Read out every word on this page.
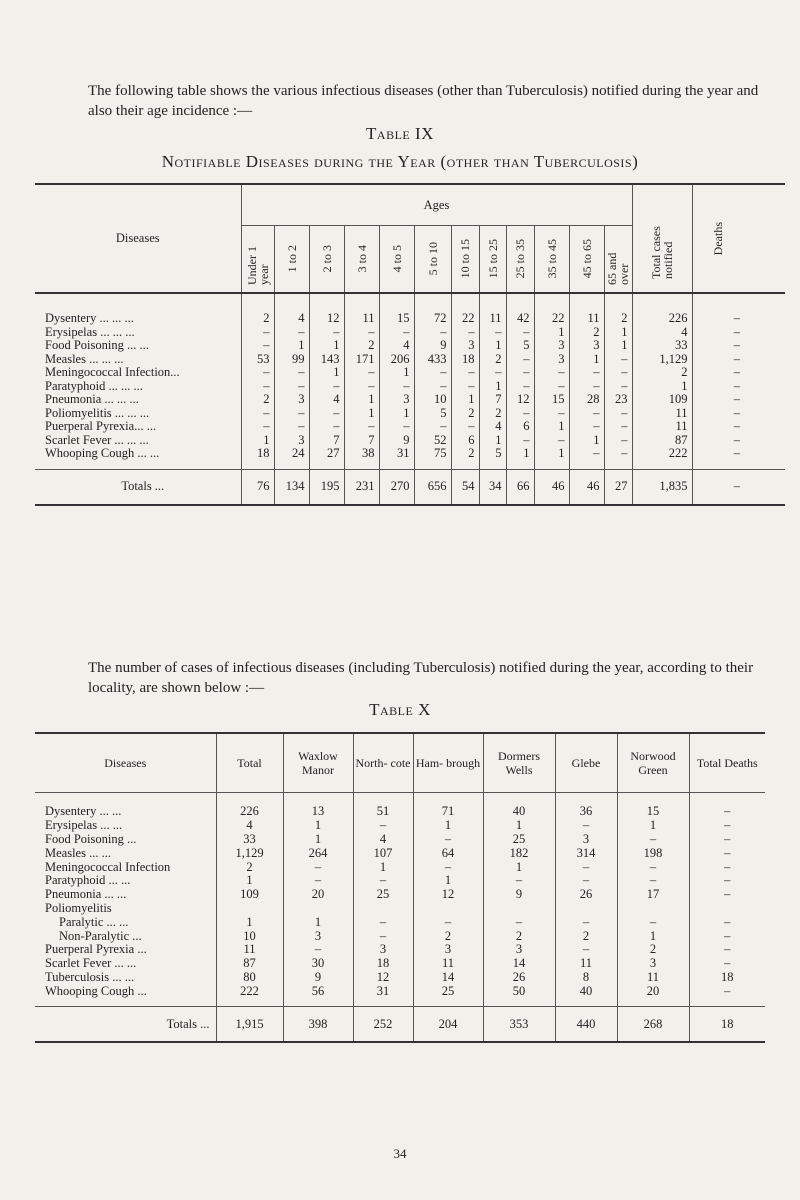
The following table shows the various infectious diseases (other than Tuberculosis) notified during the year and also their age incidence :—

Table IX
Notifiable Diseases during the Year (other than Tuberculosis)

Diseases	Ages												Total cases notified	Deaths	

	Under 1 year	1 to 2	2 to 3	3 to 4	4 to 5	5 to 10	10 to 15	15 to 25	25 to 35	35 to 45	45 to 65	65 and over			

Dysentery ... ... ...	2	4	12	11	15	72	22	11	42	22	11	2	226	–	
Erysipelas ... ... ...	–	–	–	–	–	–	–	–	–	1	2	1	4	–	
Food Poisoning ... ...	–	1	1	2	4	9	3	1	5	3	3	1	33	–	
Measles ... ... ...	53	99	143	171	206	433	18	2	–	3	1	–	1,129	–	
Meningococcal Infection...	–	–	1	–	1	–	–	–	–	–	–	–	2	–	
Paratyphoid ... ... ...	–	–	–	–	–	–	–	1	–	–	–	–	1	–	
Pneumonia ... ... ...	2	3	4	1	3	10	1	7	12	15	28	23	109	–	
Poliomyelitis ... ... ...	–	–	–	1	1	5	2	2	–	–	–	–	11	–	
Puerperal Pyrexia... ...	–	–	–	–	–	–	–	4	6	1	–	–	11	–	
Scarlet Fever ... ... ...	1	3	7	7	9	52	6	1	–	–	1	–	87	–	
Whooping Cough ... ...	18	24	27	38	31	75	2	5	1	1	–	–	222	–	
Totals ...	76	134	195	231	270	656	54	34	66	46	46	27	1,835	–	

The number of cases of infectious diseases (including Tuberculosis) notified during the year, according to their locality, are shown below :—

Table X
Diseases	Total	Waxlow Manor	North- cote	Ham- brough	Dormers Wells	Glebe	Norwood Green	Total Deaths
Dysentery ... ...	226	13	51	71	40	36	15	–
Erysipelas ... ...	4	1	–	1	1	–	1	–
Food Poisoning ...	33	1	4	–	25	3	–	–
Measles ... ...	1,129	264	107	64	182	314	198	–
Meningococcal Infection	2	–	1	–	1	–	–	–
Paratyphoid ... ...	1	–	–	1	–	–	–	–
Pneumonia ... ...	109	20	25	12	9	26	17	–
Poliomyelitis								
Paralytic ... ...	1	1	–	–	–	–	–	–
Non-Paralytic ...	10	3	–	2	2	2	1	–
Puerperal Pyrexia ...	11	–	3	3	3	–	2	–
Scarlet Fever ... ...	87	30	18	11	14	11	3	–
Tuberculosis ... ...	80	9	12	14	26	8	11	18
Whooping Cough ...	222	56	31	25	50	40	20	–
Totals ...	1,915	398	252	204	353	440	268	18
34
